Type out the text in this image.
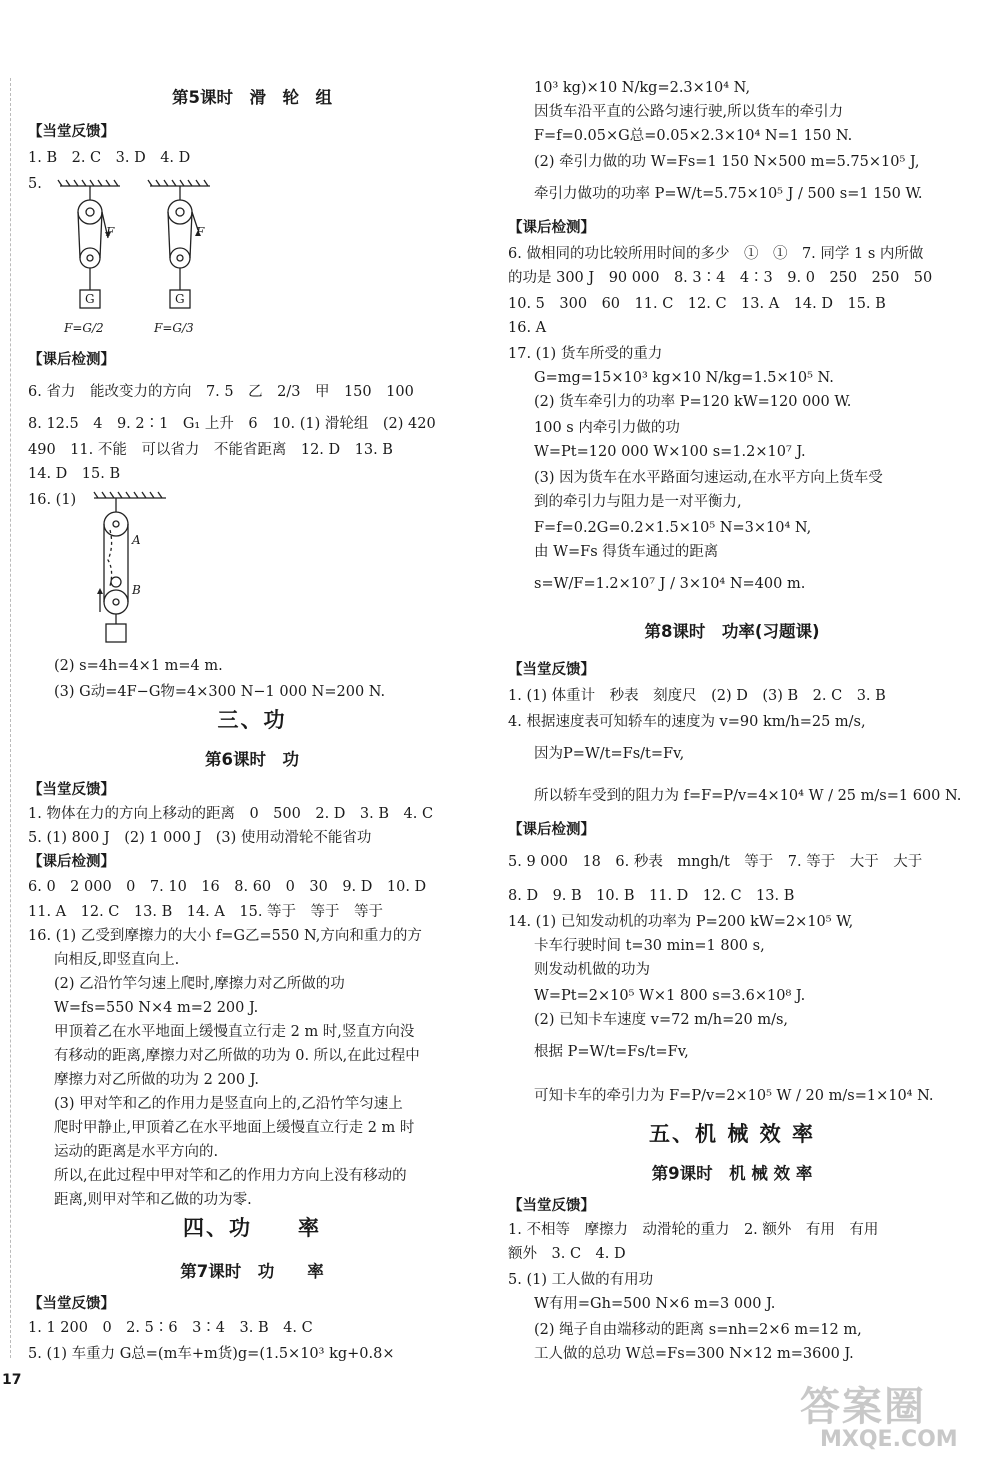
第5课时　滑　轮　组
【当堂反馈】
1. B　2. C　3. D　4. D
5.
F	F
G	G
F=G/2	F=G/3
【课后检测】
6. 省力　能改变力的方向　7. 5　乙　2/3　甲　150　100
8. 12.5　4　9. 2∶1　G₁ 上升　6　10. (1) 滑轮组　(2) 420
490　11. 不能　可以省力　不能省距离　12. D　13. B
14. D　15. B
16. (1)
A
B
(2) s=4h=4×1 m=4 m.
(3) G动=4F−G物=4×300 N−1 000 N=200 N.
三、功
第6课时　功
【当堂反馈】
1. 物体在力的方向上移动的距离　0　500　2. D　3. B　4. C
5. (1) 800 J　(2) 1 000 J　(3) 使用动滑轮不能省功
【课后检测】
6. 0　2 000　0　7. 10　16　8. 60　0　30　9. D　10. D
11. A　12. C　13. B　14. A　15. 等于　等于　等于
16. (1) 乙受到摩擦力的大小 f=G乙=550 N,方向和重力的方
向相反,即竖直向上.
(2) 乙沿竹竿匀速上爬时,摩擦力对乙所做的功
W=fs=550 N×4 m=2 200 J.
甲顶着乙在水平地面上缓慢直立行走 2 m 时,竖直方向没
有移动的距离,摩擦力对乙所做的功为 0. 所以,在此过程中
摩擦力对乙所做的功为 2 200 J.
(3) 甲对竿和乙的作用力是竖直向上的,乙沿竹竿匀速上
爬时甲静止,甲顶着乙在水平地面上缓慢直立行走 2 m 时
运动的距离是水平方向的.
所以,在此过程中甲对竿和乙的作用力方向上没有移动的
距离,则甲对竿和乙做的功为零.
四、功　　率
第7课时　功　　率
【当堂反馈】
1. 1 200　0　2. 5∶6　3∶4　3. B　4. C
5. (1) 车重力 G总=(m车+m货)g=(1.5×10³ kg+0.8×
10³ kg)×10 N/kg=2.3×10⁴ N,
因货车沿平直的公路匀速行驶,所以货车的牵引力
F=f=0.05×G总=0.05×2.3×10⁴ N=1 150 N.
(2) 牵引力做的功 W=Fs=1 150 N×500 m=5.75×10⁵ J,
牵引力做功的功率 P=W/t=5.75×10⁵ J / 500 s=1 150 W.
【课后检测】
6. 做相同的功比较所用时间的多少　①　①　7. 同学 1 s 内所做
的功是 300 J　90 000　8. 3∶4　4∶3　9. 0　250　250　50
10. 5　300　60　11. C　12. C　13. A　14. D　15. B
16. A
17. (1) 货车所受的重力
G=mg=15×10³ kg×10 N/kg=1.5×10⁵ N.
(2) 货车牵引力的功率 P=120 kW=120 000 W.
100 s 内牵引力做的功
W=Pt=120 000 W×100 s=1.2×10⁷ J.
(3) 因为货车在水平路面匀速运动,在水平方向上货车受
到的牵引力与阻力是一对平衡力,
F=f=0.2G=0.2×1.5×10⁵ N=3×10⁴ N,
由 W=Fs 得货车通过的距离
s=W/F=1.2×10⁷ J / 3×10⁴ N=400 m.
第8课时　功率(习题课)
【当堂反馈】
1. (1) 体重计　秒表　刻度尺　(2) D　(3) B　2. C　3. B
4. 根据速度表可知轿车的速度为 v=90 km/h=25 m/s,
因为P=W/t=Fs/t=Fv,
所以轿车受到的阻力为 f=F=P/v=4×10⁴ W / 25 m/s=1 600 N.
【课后检测】
5. 9 000　18　6. 秒表　mngh/t　等于　7. 等于　大于　大于
8. D　9. B　10. B　11. D　12. C　13. B
14. (1) 已知发动机的功率为 P=200 kW=2×10⁵ W,
卡车行驶时间 t=30 min=1 800 s,
则发动机做的功为
W=Pt=2×10⁵ W×1 800 s=3.6×10⁸ J.
(2) 已知卡车速度 v=72 m/h=20 m/s,
根据 P=W/t=Fs/t=Fv,
可知卡车的牵引力为 F=P/v=2×10⁵ W / 20 m/s=1×10⁴ N.
五、机 械 效 率
第9课时　机 械 效 率
【当堂反馈】
1. 不相等　摩擦力　动滑轮的重力　2. 额外　有用　有用
额外　3. C　4. D
5. (1) 工人做的有用功
W有用=Gh=500 N×6 m=3 000 J.
(2) 绳子自由端移动的距离 s=nh=2×6 m=12 m,
工人做的总功 W总=Fs=300 N×12 m=3600 J.
17
答案圈
MXQE.COM
